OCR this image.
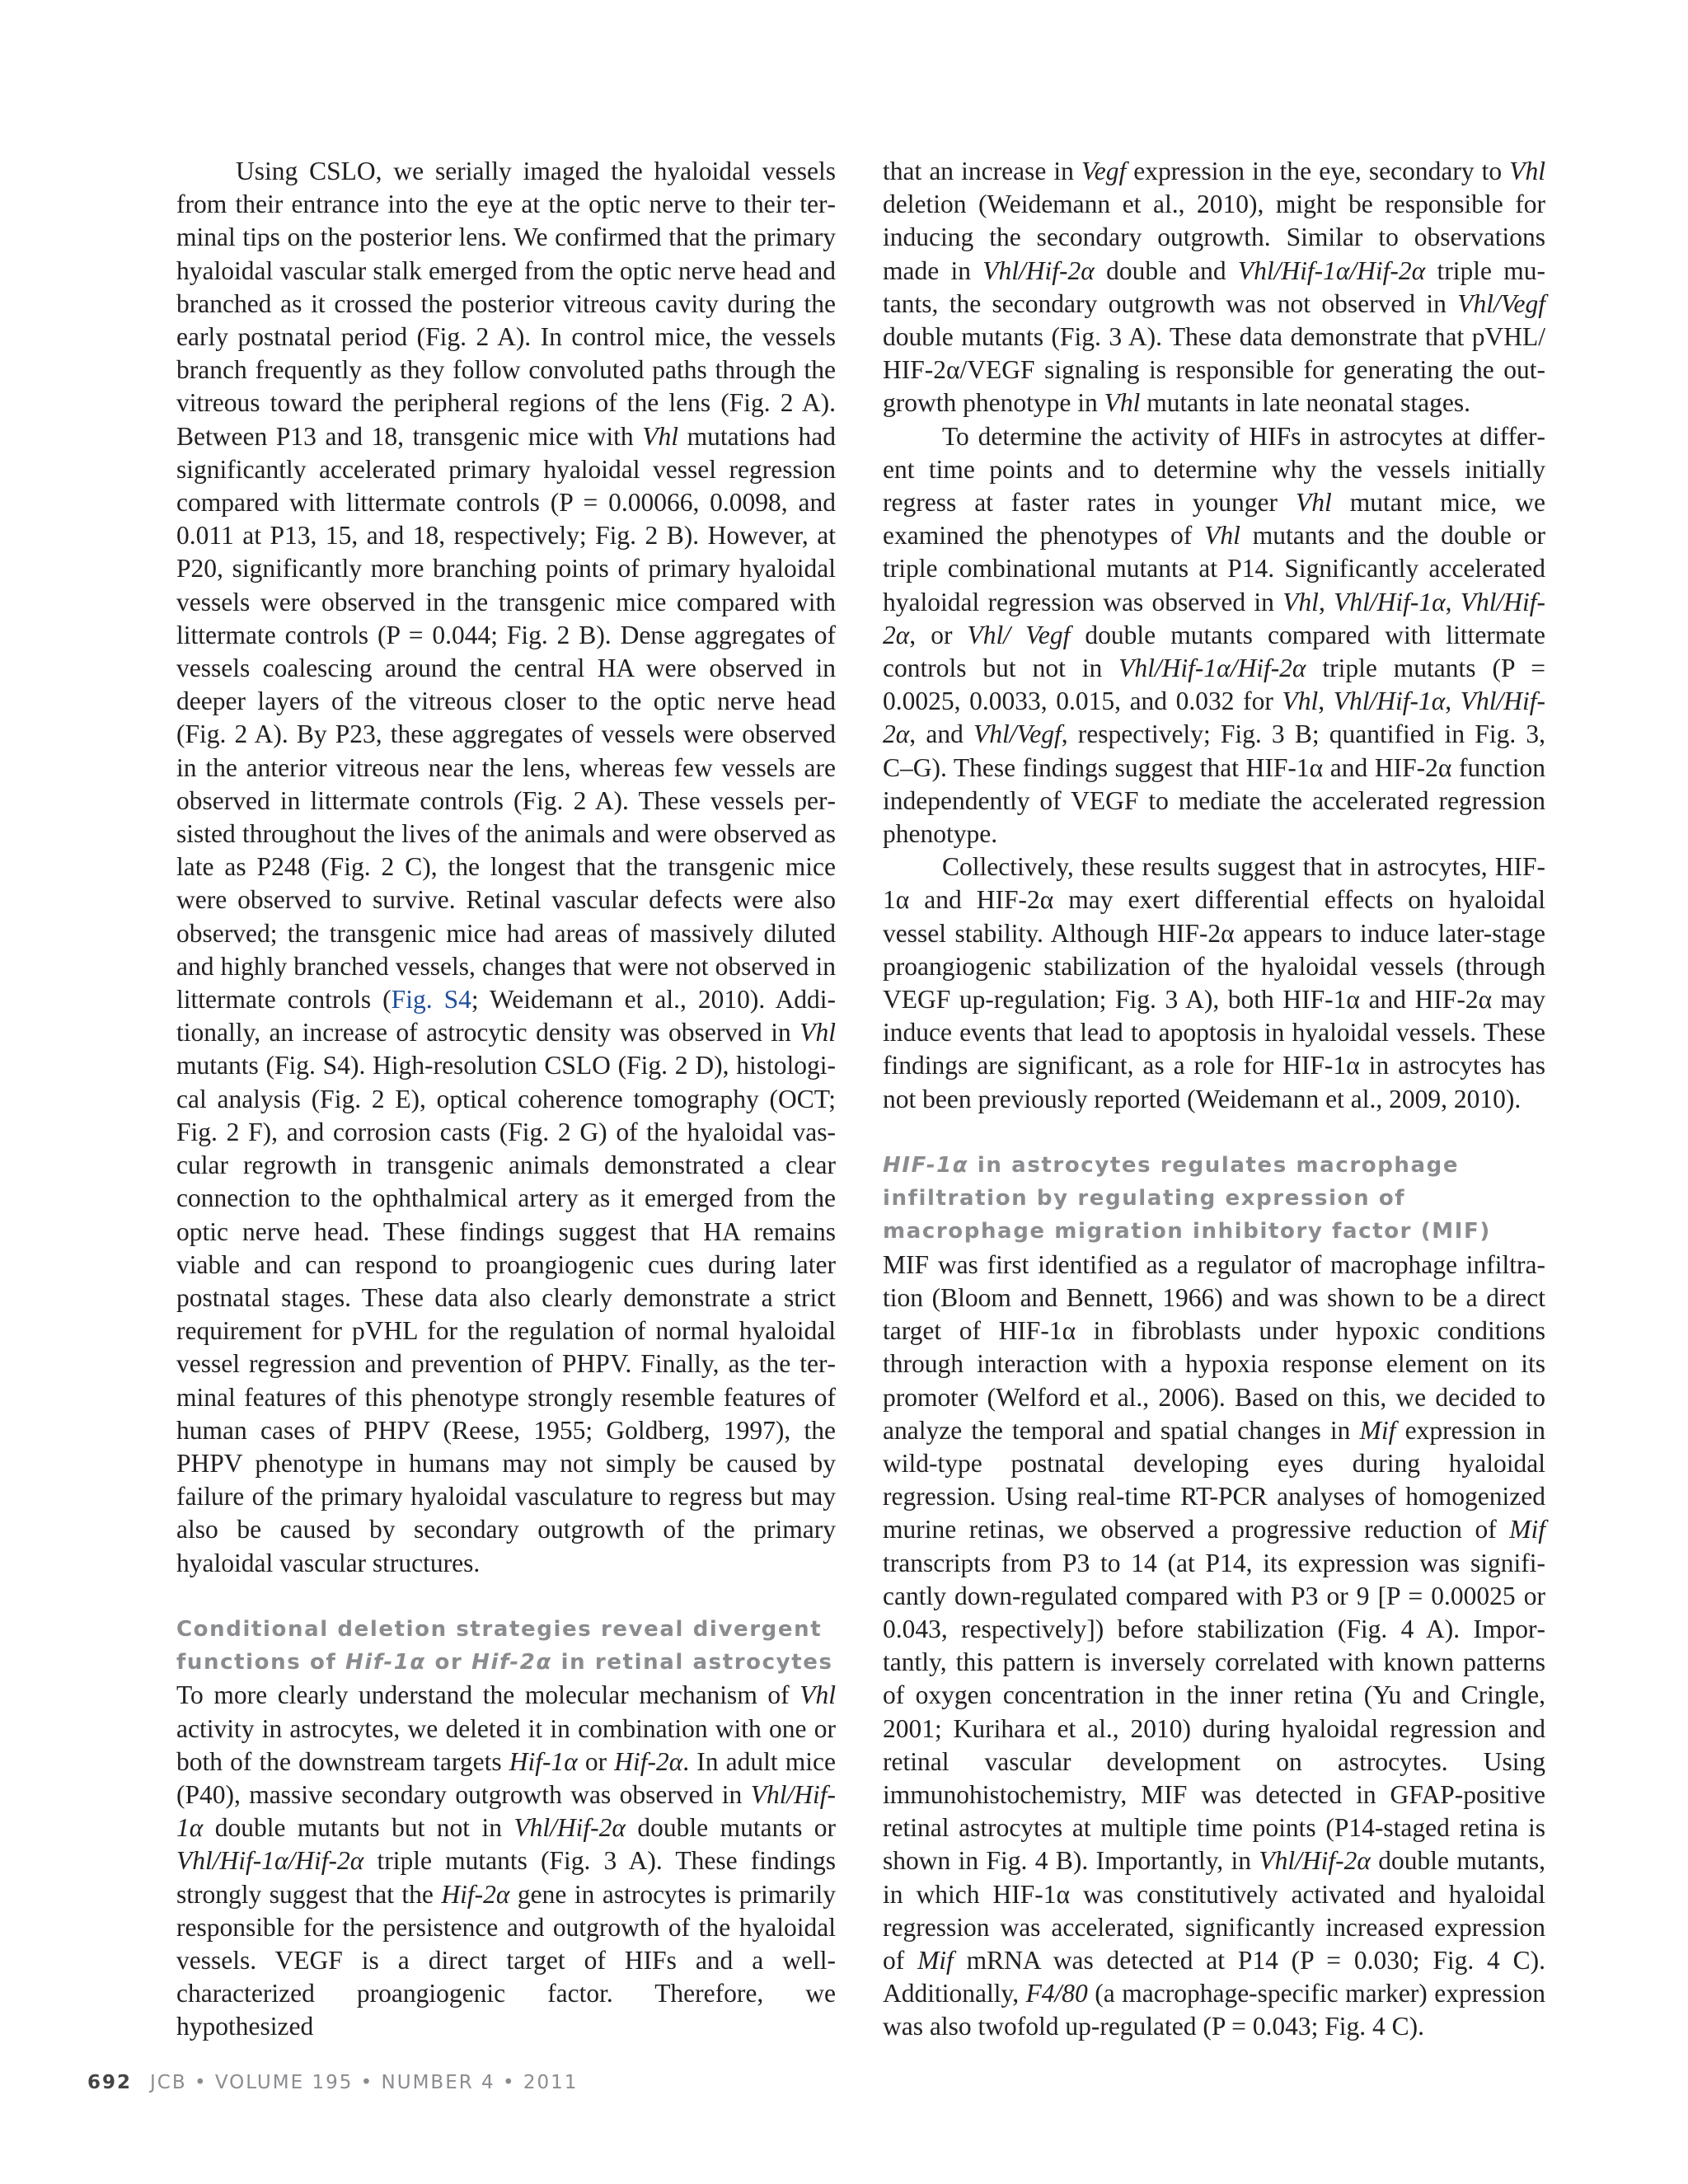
Using CSLO, we serially imaged the hyaloidal vessels from their entrance into the eye at the optic nerve to their terminal tips on the posterior lens. We confirmed that the primary hyaloidal vascular stalk emerged from the optic nerve head and branched as it crossed the posterior vitreous cavity during the early postnatal period (Fig. 2 A). In control mice, the vessels branch frequently as they follow convoluted paths through the vitreous toward the peripheral regions of the lens (Fig. 2 A). Between P13 and 18, transgenic mice with Vhl mutations had significantly accelerated primary hyaloidal vessel regression compared with littermate controls (P = 0.00066, 0.0098, and 0.011 at P13, 15, and 18, respectively; Fig. 2 B). However, at P20, significantly more branching points of primary hyaloidal vessels were observed in the transgenic mice compared with littermate controls (P = 0.044; Fig. 2 B). Dense aggregates of vessels coalescing around the central HA were observed in deeper layers of the vitreous closer to the optic nerve head (Fig. 2 A). By P23, these aggregates of vessels were observed in the anterior vitreous near the lens, whereas few vessels are observed in littermate controls (Fig. 2 A). These vessels persisted throughout the lives of the animals and were observed as late as P248 (Fig. 2 C), the longest that the transgenic mice were observed to survive. Retinal vascular defects were also observed; the transgenic mice had areas of massively diluted and highly branched vessels, changes that were not observed in littermate controls (Fig. S4; Weidemann et al., 2010). Additionally, an increase of astrocytic density was observed in Vhl mutants (Fig. S4). High-resolution CSLO (Fig. 2 D), histological analysis (Fig. 2 E), optical coherence tomography (OCT; Fig. 2 F), and corrosion casts (Fig. 2 G) of the hyaloidal vascular regrowth in transgenic animals demonstrated a clear connection to the ophthalmical artery as it emerged from the optic nerve head. These findings suggest that HA remains viable and can respond to proangiogenic cues during later postnatal stages. These data also clearly demonstrate a strict requirement for pVHL for the regulation of normal hyaloidal vessel regression and prevention of PHPV. Finally, as the terminal features of this phenotype strongly resemble features of human cases of PHPV (Reese, 1955; Goldberg, 1997), the PHPV phenotype in humans may not simply be caused by failure of the primary hyaloidal vasculature to regress but may also be caused by secondary outgrowth of the primary hyaloidal vascular structures.

Conditional deletion strategies reveal divergent functions of Hif-1α or Hif-2α in retinal astrocytes

To more clearly understand the molecular mechanism of Vhl activity in astrocytes, we deleted it in combination with one or both of the downstream targets Hif-1α or Hif-2α. In adult mice (P40), massive secondary outgrowth was observed in Vhl/Hif-1α double mutants but not in Vhl/Hif-2α double mutants or Vhl/Hif-1α/Hif-2α triple mutants (Fig. 3 A). These findings strongly suggest that the Hif-2α gene in astrocytes is primarily responsible for the persistence and outgrowth of the hyaloidal vessels. VEGF is a direct target of HIFs and a well-characterized proangiogenic factor. Therefore, we hypothesized

that an increase in Vegf expression in the eye, secondary to Vhl deletion (Weidemann et al., 2010), might be responsible for inducing the secondary outgrowth. Similar to observations made in Vhl/Hif-2α double and Vhl/Hif-1α/Hif-2α triple mutants, the secondary outgrowth was not observed in Vhl/Vegf double mutants (Fig. 3 A). These data demonstrate that pVHL/ HIF-2α/VEGF signaling is responsible for generating the outgrowth phenotype in Vhl mutants in late neonatal stages.

To determine the activity of HIFs in astrocytes at different time points and to determine why the vessels initially regress at faster rates in younger Vhl mutant mice, we examined the phenotypes of Vhl mutants and the double or triple combinational mutants at P14. Significantly accelerated hyaloidal regression was observed in Vhl, Vhl/Hif-1α, Vhl/Hif-2α, or Vhl/ Vegf double mutants compared with littermate controls but not in Vhl/Hif-1α/Hif-2α triple mutants (P = 0.0025, 0.0033, 0.015, and 0.032 for Vhl, Vhl/Hif-1α, Vhl/Hif-2α, and Vhl/Vegf, respectively; Fig. 3 B; quantified in Fig. 3, C–G). These findings suggest that HIF-1α and HIF-2α function independently of VEGF to mediate the accelerated regression phenotype.

Collectively, these results suggest that in astrocytes, HIF-1α and HIF-2α may exert differential effects on hyaloidal vessel stability. Although HIF-2α appears to induce later-stage proangiogenic stabilization of the hyaloidal vessels (through VEGF up-regulation; Fig. 3 A), both HIF-1α and HIF-2α may induce events that lead to apoptosis in hyaloidal vessels. These findings are significant, as a role for HIF-1α in astrocytes has not been previously reported (Weidemann et al., 2009, 2010).

HIF-1α in astrocytes regulates macrophage infiltration by regulating expression of macrophage migration inhibitory factor (MIF)

MIF was first identified as a regulator of macrophage infiltration (Bloom and Bennett, 1966) and was shown to be a direct target of HIF-1α in fibroblasts under hypoxic conditions through interaction with a hypoxia response element on its promoter (Welford et al., 2006). Based on this, we decided to analyze the temporal and spatial changes in Mif expression in wild-type postnatal developing eyes during hyaloidal regression. Using real-time RT-PCR analyses of homogenized murine retinas, we observed a progressive reduction of Mif transcripts from P3 to 14 (at P14, its expression was significantly down-regulated compared with P3 or 9 [P = 0.00025 or 0.043, respectively]) before stabilization (Fig. 4 A). Importantly, this pattern is inversely correlated with known patterns of oxygen concentration in the inner retina (Yu and Cringle, 2001; Kurihara et al., 2010) during hyaloidal regression and retinal vascular development on astrocytes. Using immunohistochemistry, MIF was detected in GFAP-positive retinal astrocytes at multiple time points (P14-staged retina is shown in Fig. 4 B). Importantly, in Vhl/Hif-2α double mutants, in which HIF-1α was constitutively activated and hyaloidal regression was accelerated, significantly increased expression of Mif mRNA was detected at P14 (P = 0.030; Fig. 4 C). Additionally, F4/80 (a macrophage-specific marker) expression was also twofold up-regulated (P = 0.043; Fig. 4 C).

692 JCB • VOLUME 195 • NUMBER 4 • 2011
